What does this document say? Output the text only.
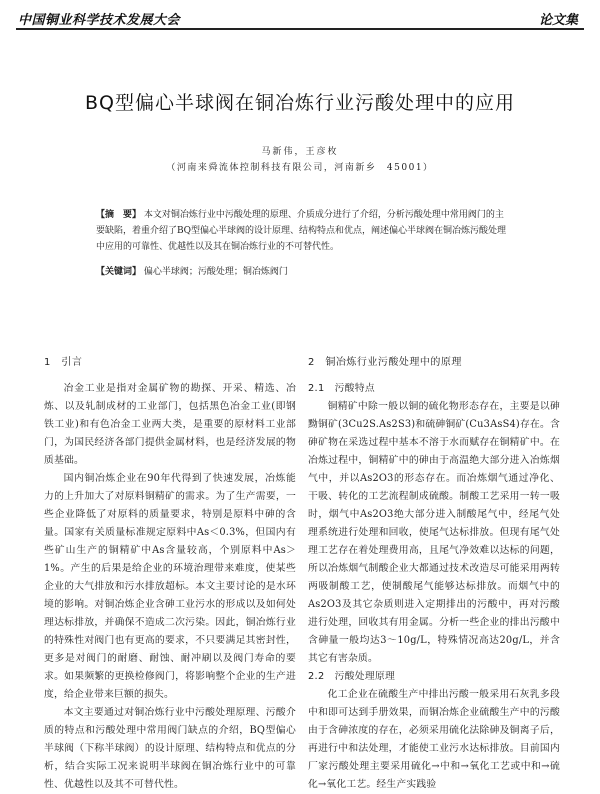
中国铜业科学技术发展大会	论文集
BQ型偏心半球阀在铜冶炼行业污酸处理中的应用
马新伟，王彦枚
（河南来舜流体控制科技有限公司，河南新乡　45001）
【摘　要】 本文对铜冶炼行业中污酸处理的原理、介质成分进行了介绍，分析污酸处理中常用阀门的主要缺陷，着重介绍了BQ型偏心半球阀的设计原理、结构特点和优点，阐述偏心半球阀在铜冶炼污酸处理中应用的可靠性、优越性以及其在铜冶炼行业的不可替代性。
【关键词】 偏心半球阀；污酸处理；铜冶炼阀门
1　引言

冶金工业是指对金属矿物的勘探、开采、精选、冶炼、以及轧制成材的工业部门，包括黑色冶金工业(即钢铁工业)和有色冶金工业两大类，是重要的原材料工业部门，为国民经济各部门提供金属材料，也是经济发展的物质基础。

国内铜冶炼企业在90年代得到了快速发展，冶炼能力的上升加大了对原料铜精矿的需求。为了生产需要，一些企业降低了对原料的质量要求，特别是原料中砷的含量。国家有关质量标准规定原料中As＜0.3%，但国内有些矿山生产的铜精矿中As含量较高，个别原料中As＞1%。产生的后果是给企业的环境治理带来难度，使某些企业的大气排放和污水排放超标。本文主要讨论的是水环境的影响。对铜冶炼企业含砷工业污水的形成以及如何处理达标排放，并确保不造成二次污染。因此，铜冶炼行业的特殊性对阀门也有更高的要求，不只要满足其密封性，更多是对阀门的耐磨、耐蚀、耐冲刷以及阀门寿命的要求。如果频繁的更换检修阀门，将影响整个企业的生产进度，给企业带来巨额的损失。

本文主要通过对铜冶炼行业中污酸处理原理、污酸介质的特点和污酸处理中常用阀门缺点的介绍，BQ型偏心半球阀（下称半球阀）的设计原理、结构特点和优点的分析，结合实际工况来说明半球阀在铜冶炼行业中的可靠性、优越性以及其不可替代性。

2　铜冶炼行业污酸处理中的原理
2.1　污酸特点

铜精矿中除一般以铜的硫化物形态存在，主要是以砷黝铜矿(3Cu2S.As2S3)和硫砷铜矿(Cu3AsS4)存在。含砷矿物在采选过程中基本不溶于水而赋存在铜精矿中。在冶炼过程中，铜精矿中的砷由于高温绝大部分进入冶炼烟气中，并以As2O3的形态存在。而冶炼烟气通过净化、干吸、转化的工艺流程制成硫酸。制酸工艺采用一转一吸时，烟气中As2O3绝大部分进入制酸尾气中，经尾气处理系统进行处理和回收，使尾气达标排放。但现有尾气处理工艺存在着处理费用高，且尾气净效难以达标的问题，所以冶炼烟气制酸企业大都通过技术改造尽可能采用两转两吸制酸工艺，使制酸尾气能够达标排放。而烟气中的As2O3及其它杂质则进入定期排出的污酸中，再对污酸进行处理，回收其有用金属。分析一些企业的排出污酸中含砷量一般均达3～10g/L，特殊情况高达20g/L，并含其它有害杂质。

2.2　污酸处理原理

化工企业在硫酸生产中排出污酸一般采用石灰乳多段中和即可达到手册效果，而铜冶炼企业硫酸生产中的污酸由于含砷浓度的存在，必须采用硫化法除砷及铜离子后，再进行中和法处理，才能使工业污水达标排放。目前国内厂家污酸处理主要采用硫化→中和→氧化工艺或中和→硫化→氧化工艺。经生产实践验
